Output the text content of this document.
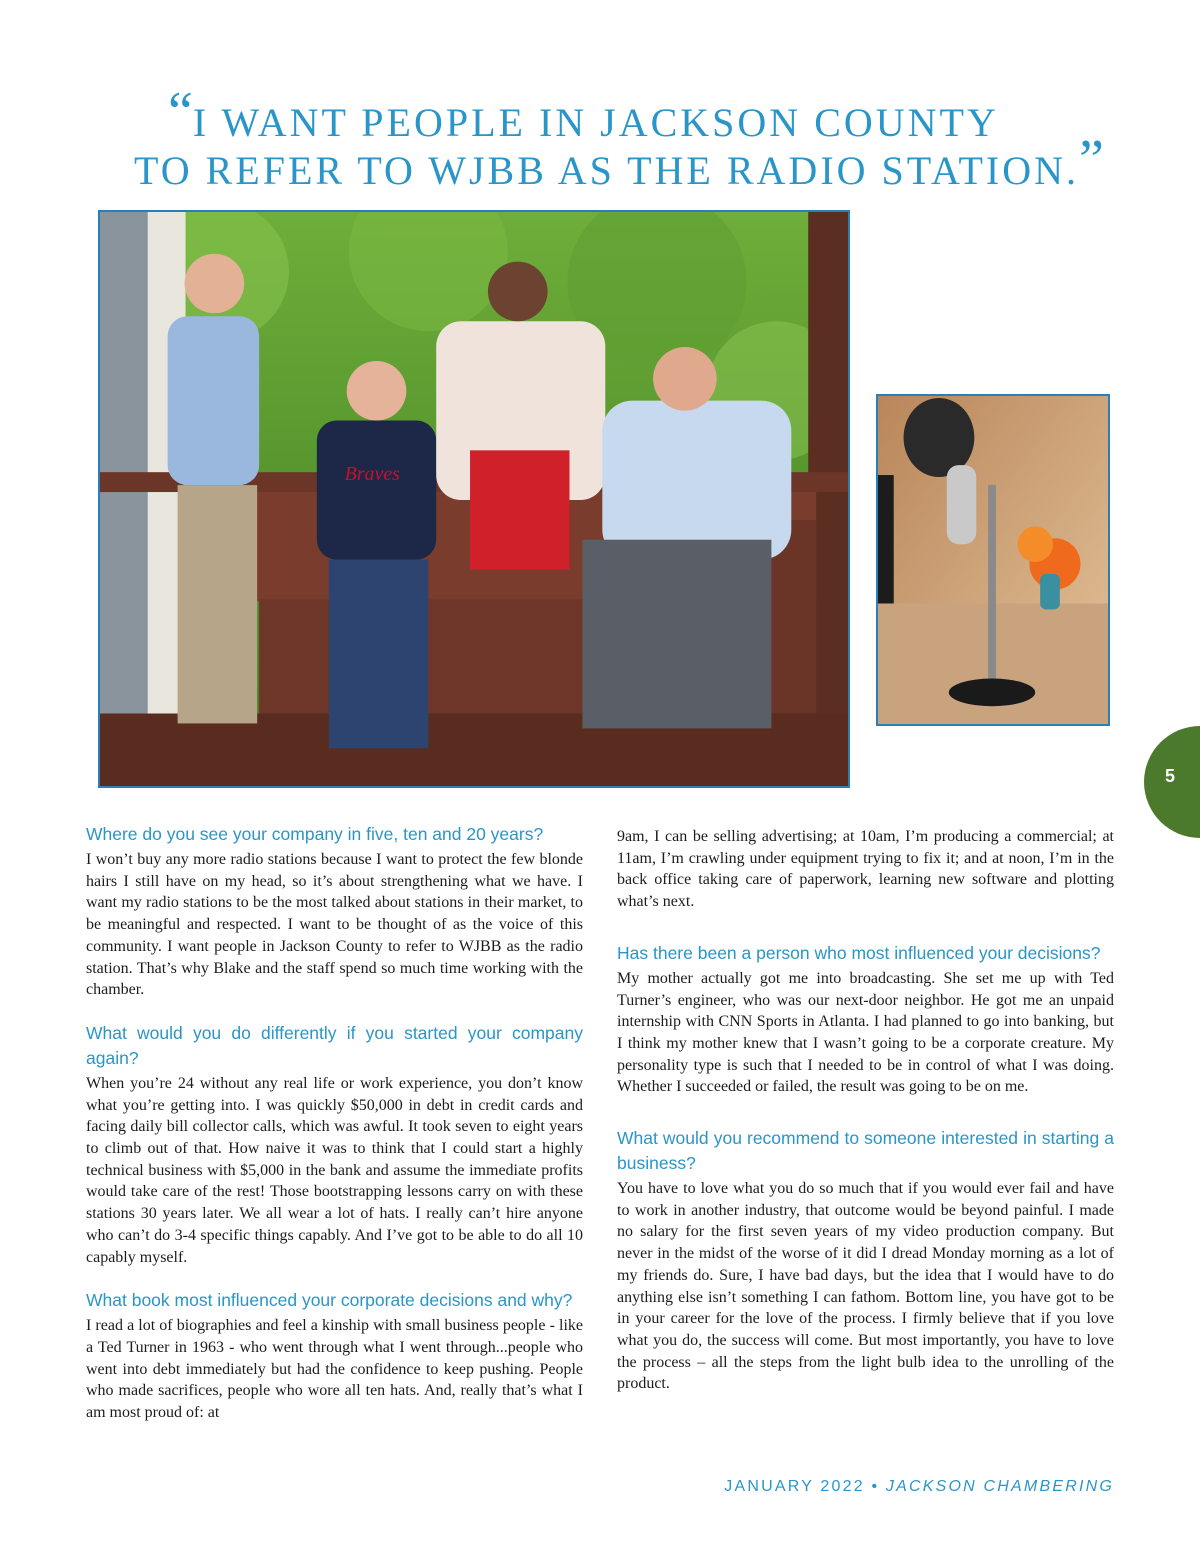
“I WANT PEOPLE IN JACKSON COUNTY
TO REFER TO WJBB AS THE RADIO STATION.”
Braves
5
Where do you see your company in five, ten and 20 years?

I won’t buy any more radio stations because I want to protect the few blonde hairs I still have on my head, so it’s about strengthening what we have. I want my radio stations to be the most talked about stations in their market, to be meaningful and respected. I want to be thought of as the voice of this community. I want people in Jackson County to refer to WJBB as the radio station. That’s why Blake and the staff spend so much time working with the chamber.

What would you do differently if you started your company again?

When you’re 24 without any real life or work experience, you don’t know what you’re getting into. I was quickly $50,000 in debt in credit cards and facing daily bill collector calls, which was awful. It took seven to eight years to climb out of that. How naive it was to think that I could start a highly technical business with $5,000 in the bank and assume the immediate profits would take care of the rest! Those bootstrapping lessons carry on with these stations 30 years later. We all wear a lot of hats. I really can’t hire anyone who can’t do 3-4 specific things capably. And I’ve got to be able to do all 10 capably myself.

What book most influenced your corporate decisions and why?

I read a lot of biographies and feel a kinship with small business people - like a Ted Turner in 1963 - who went through what I went through...people who went into debt immediately but had the confidence to keep pushing. People who made sacrifices, people who wore all ten hats. And, really that’s what I am most proud of: at

9am, I can be selling advertising; at 10am, I’m producing a commercial; at 11am, I’m crawling under equipment trying to fix it; and at noon, I’m in the back office taking care of paperwork, learning new software and plotting what’s next.

Has there been a person who most influenced your decisions?

My mother actually got me into broadcasting. She set me up with Ted Turner’s engineer, who was our next-door neighbor. He got me an unpaid internship with CNN Sports in Atlanta. I had planned to go into banking, but I think my mother knew that I wasn’t going to be a corporate creature. My personality type is such that I needed to be in control of what I was doing. Whether I succeeded or failed, the result was going to be on me.

What would you recommend to someone interested in starting a business?

You have to love what you do so much that if you would ever fail and have to work in another industry, that outcome would be beyond painful. I made no salary for the first seven years of my video production company. But never in the midst of the worse of it did I dread Monday morning as a lot of my friends do. Sure, I have bad days, but the idea that I would have to do anything else isn’t something I can fathom. Bottom line, you have got to be in your career for the love of the process. I firmly believe that if you love what you do, the success will come. But most importantly, you have to love the process – all the steps from the light bulb idea to the unrolling of the product.

JANUARY 2022 • JACKSON CHAMBERING
